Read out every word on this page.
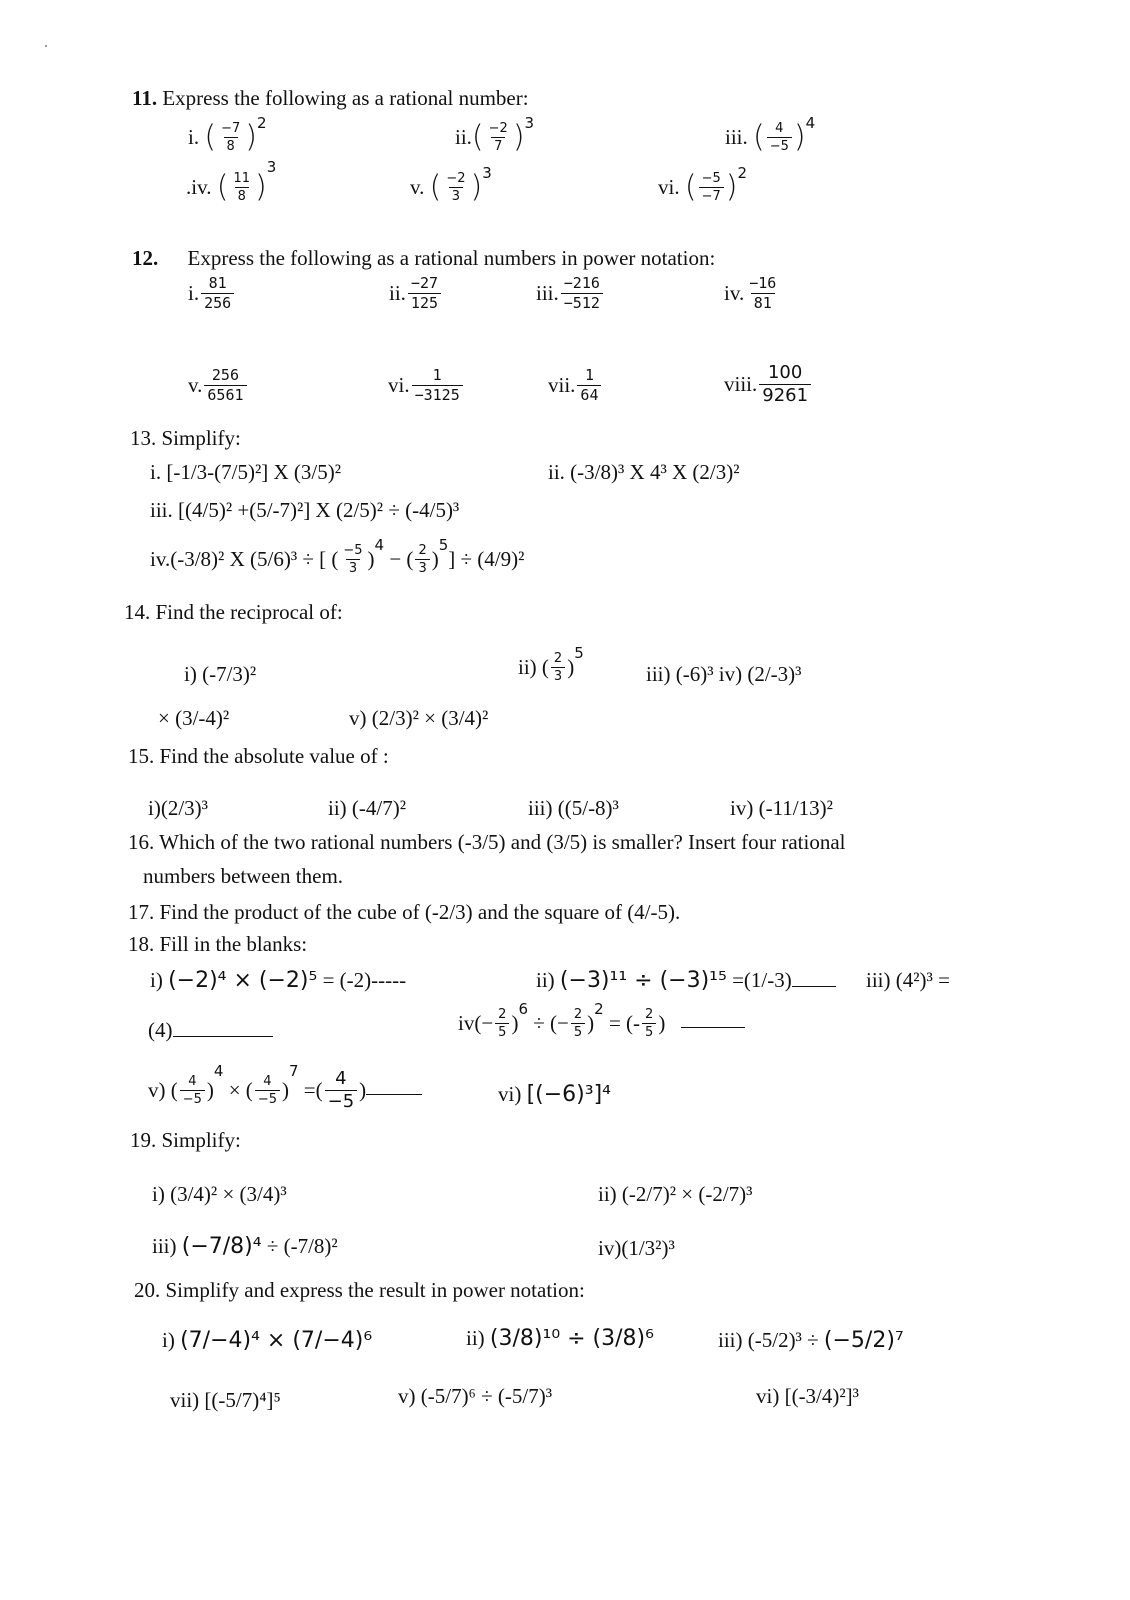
11. Express the following as a rational number:
i. ( $\frac{-7}{8} )^2$
$ii.( \frac{-2}{7} )^3$
iii. ( $\frac{4}{-5} )^4$
.iv. ( $\frac{11}{8} )^3$
v. ( $\frac{-2}{3} )^3$
vi. ( $\frac{-5}{-7} )^2$
12. Express the following as a rational numbers in power notation:
i. $\frac{81}{256}$	ii. $\frac{-27}{125}$	iii. $\frac{-216}{-512}$	iv. $\frac{-16}{81}$
v. $\frac{256}{6561}$	vi. $\frac{1}{-3125}$	vii. $\frac{1}{64}$	viii. $\frac{100}{9261}$
13. Simplify:
i. [-1/3-(7/5)²] X (3/5)²	ii. (-3/8)³ X 4³ X (2/3)²
iii. [(4/5)² +(5/-7)²] X (2/5)² ÷ (-4/5)³
iv.(-3/8)² X (5/6)³ ÷ [ ( $\frac{-5}{3} )^4$ − ( $\frac{2}{3} )^5] \div (4/9)^2$
14. Find the reciprocal of:
i) (-7/3)²	ii) ( $\frac{2}{3} )^5$
iii) (-6)³ iv) (2/-3)³
× (3/-4)²	v) (2/3)² × (3/4)²
15. Find the absolute value of :
i)(2/3)³	ii) (-4/7)²	iii) ((5/-8)³	iv) (-11/13)²
16. Which of the two rational numbers (-3/5) and (3/5) is smaller? Insert four rational
numbers between them.
17. Find the product of the cube of (-2/3) and the square of (4/-5).
18. Fill in the blanks:
i) (−2)⁴ × (−2)⁵ = (-2)-----	ii) (−3)¹¹ ÷ (−3)¹⁵ =(1/-3)	iii) (4²)³ =
(4)	$iv(- \frac{2}{5} )^6$ ÷ (− $\frac{2}{5} )^2$ = (- $\frac{2}{5}$ )
v) ( $\frac{4}{-5} )^4$ × ( $\frac{4}{-5} )^7$ =( $\frac{4}{-5}$ )	vi) [(−6)³]⁴
19. Simplify:
i) (3/4)² × (3/4)³	ii) (-2/7)² × (-2/7)³
iii) (−7/8)⁴ ÷ (-7/8)²	iv)(1/3²)³
20. Simplify and express the result in power notation:
i) (7/−4)⁴ × (7/−4)⁶	ii) (3/8)¹⁰ ÷ (3/8)⁶	iii) (-5/2)³ ÷ (−5/2)⁷
vii) [(-5/7)⁴]⁵	v) (-5/7)⁶ ÷ (-5/7)³	vi) [(-3/4)²]³
